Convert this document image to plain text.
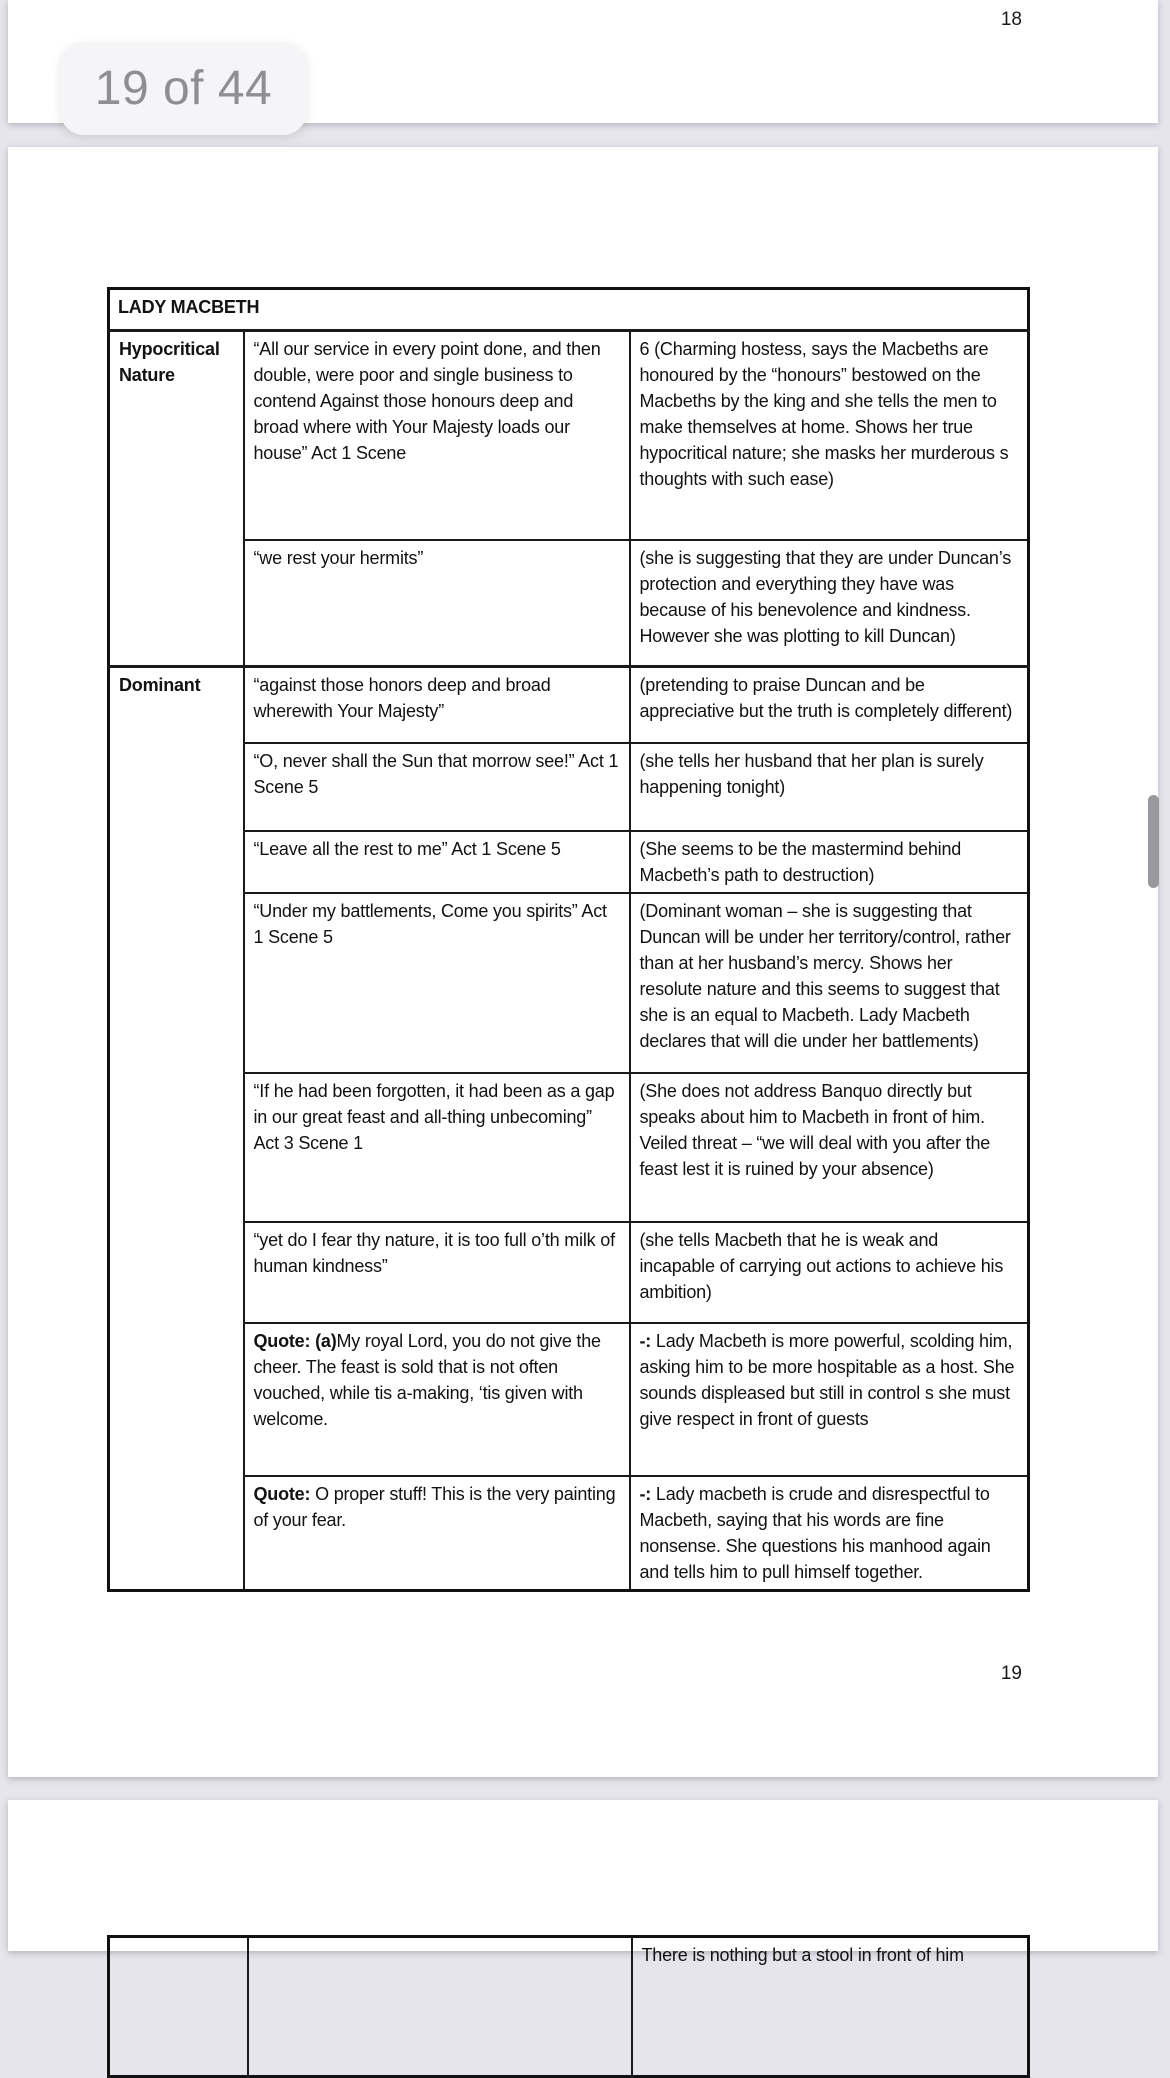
18
19 of 44
LADY MACBETH		
Hypocritical Nature	“All our service in every point done, and then double, were poor and single business to contend Against those honours deep and broad where with Your Majesty loads our house” Act 1 Scene	6 (Charming hostess, says the Macbeths are honoured by the “honours” bestowed on the Macbeths by the king and she tells the men to make themselves at home. Shows her true hypocritical nature; she masks her murderous s thoughts with such ease)
	“we rest your hermits”	(she is suggesting that they are under Duncan’s protection and everything they have was because of his benevolence and kindness. However she was plotting to kill Duncan)
Dominant	“against those honors deep and broad wherewith Your Majesty”	(pretending to praise Duncan and be appreciative but the truth is completely different)
	“O, never shall the Sun that morrow see!” Act 1 Scene 5	(she tells her husband that her plan is surely happening tonight)
	“Leave all the rest to me” Act 1 Scene 5	(She seems to be the mastermind behind Macbeth’s path to destruction)
	“Under my battlements, Come you spirits” Act 1 Scene 5	(Dominant woman – she is suggesting that Duncan will be under her territory/control, rather than at her husband’s mercy. Shows her resolute nature and this seems to suggest that she is an equal to Macbeth. Lady Macbeth declares that will die under her battlements)
	“If he had been forgotten, it had been as a gap in our great feast and all-thing unbecoming” Act 3 Scene 1	(She does not address Banquo directly but speaks about him to Macbeth in front of him. Veiled threat – “we will deal with you after the feast lest it is ruined by your absence)
	“yet do I fear thy nature, it is too full o’th milk of human kindness”	(she tells Macbeth that he is weak and incapable of carrying out actions to achieve his ambition)
	Quote: (a)My royal Lord, you do not give the cheer. The feast is sold that is not often vouched, while tis a-making, ‘tis given with welcome.	-: Lady Macbeth is more powerful, scolding him, asking him to be more hospitable as a host. She sounds displeased but still in control s she must give respect in front of guests
	Quote: O proper stuff! This is the very painting of your fear.	-: Lady macbeth is crude and disrespectful to Macbeth, saying that his words are fine nonsense. She questions his manhood again and tells him to pull himself together.
19
		There is nothing but a stool in front of him
